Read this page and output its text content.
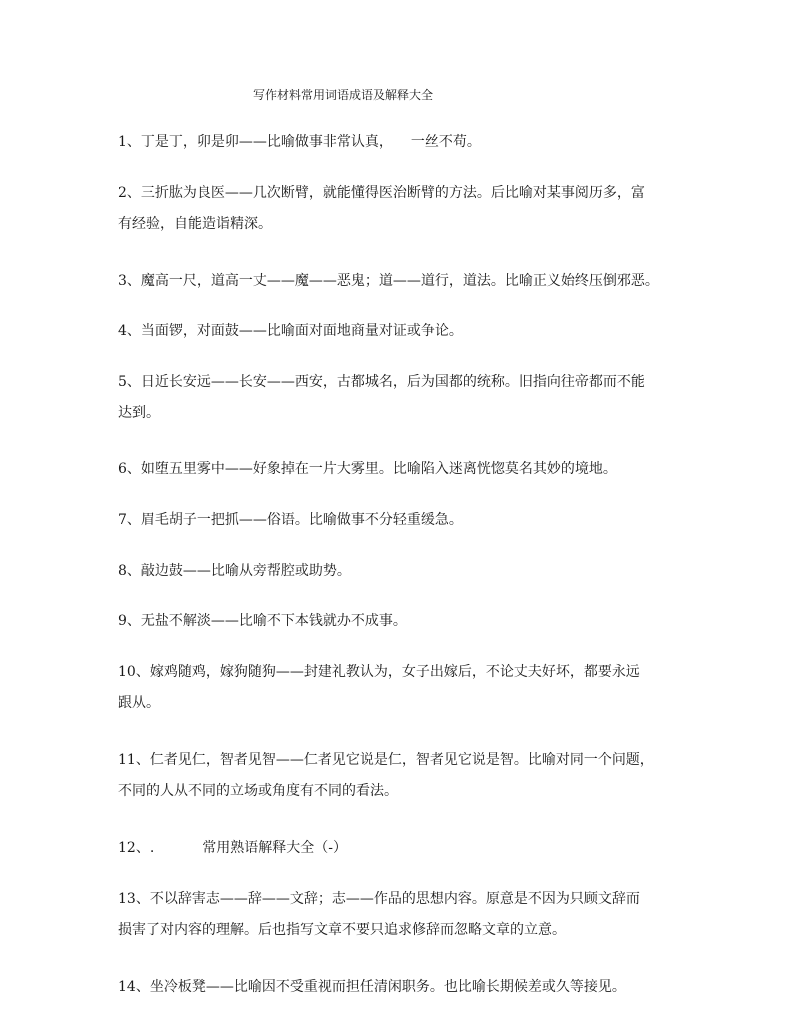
写作材料常用词语成语及解释大全
1、丁是丁，卯是卯——比喻做事非常认真， 一丝不苟。
2、三折肱为良医——几次断臂，就能懂得医治断臂的方法。后比喻对某事阅历多，富
有经验，自能造诣精深。
3、魔高一尺，道高一丈——魔——恶鬼；道——道行，道法。比喻正义始终压倒邪恶。
4、当面锣，对面鼓——比喻面对面地商量对证或争论。
5、日近长安远——长安——西安，古都城名，后为国都的统称。旧指向往帝都而不能
达到。
6、如堕五里雾中——好象掉在一片大雾里。比喻陷入迷离恍惚莫名其妙的境地。
7、眉毛胡子一把抓——俗语。比喻做事不分轻重缓急。
8、敲边鼓——比喻从旁帮腔或助势。
9、无盐不解淡——比喻不下本钱就办不成事。
10、嫁鸡随鸡，嫁狗随狗——封建礼教认为，女子出嫁后，不论丈夫好坏，都要永远
跟从。
11、仁者见仁，智者见智——仁者见它说是仁，智者见它说是智。比喻对同一个问题，
不同的人从不同的立场或角度有不同的看法。
12、.	常用熟语解释大全（-）
13、不以辞害志——辞——文辞；志——作品的思想内容。原意是不因为只顾文辞而
损害了对内容的理解。后也指写文章不要只追求修辞而忽略文章的立意。
14、坐冷板凳——比喻因不受重视而担任清闲职务。也比喻长期候差或久等接见。
